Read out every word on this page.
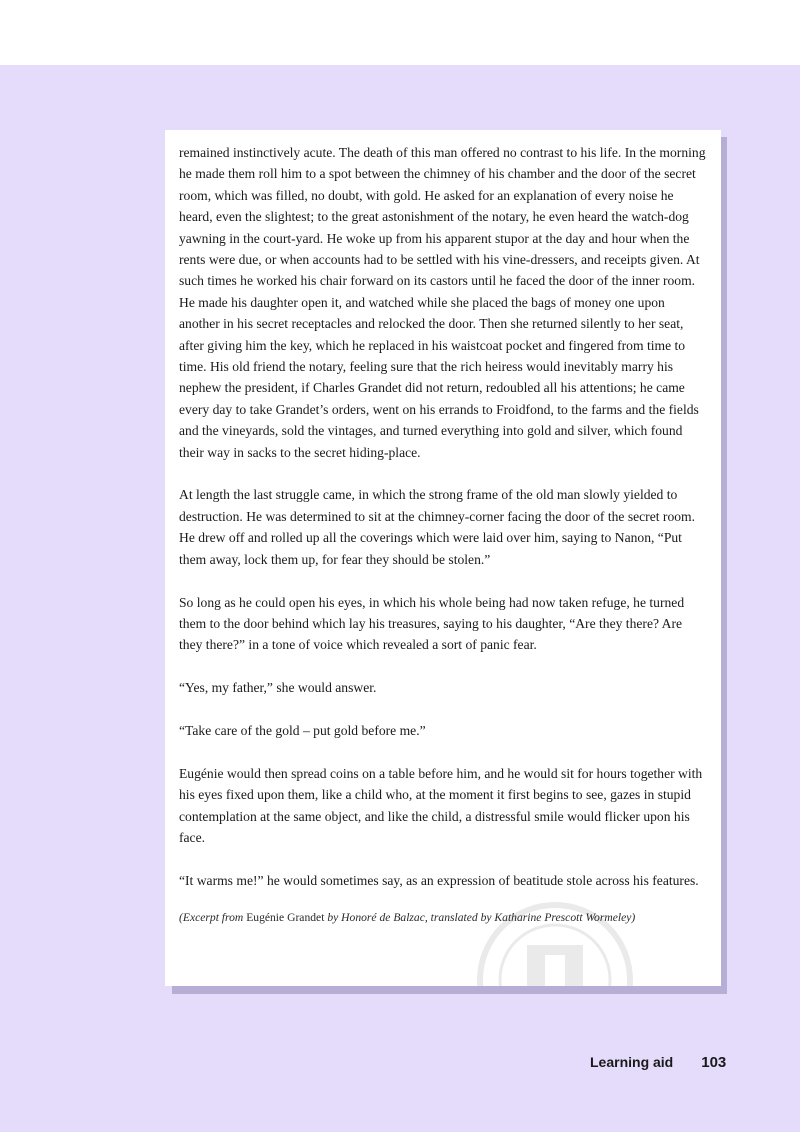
remained instinctively acute. The death of this man offered no contrast to his life. In the morning he made them roll him to a spot between the chimney of his chamber and the door of the secret room, which was filled, no doubt, with gold. He asked for an explanation of every noise he heard, even the slightest; to the great astonishment of the notary, he even heard the watch-dog yawning in the court-yard. He woke up from his apparent stupor at the day and hour when the rents were due, or when accounts had to be settled with his vine-dressers, and receipts given. At such times he worked his chair forward on its castors until he faced the door of the inner room. He made his daughter open it, and watched while she placed the bags of money one upon another in his secret receptacles and relocked the door. Then she returned silently to her seat, after giving him the key, which he replaced in his waistcoat pocket and fingered from time to time. His old friend the notary, feeling sure that the rich heiress would inevitably marry his nephew the president, if Charles Grandet did not return, redoubled all his attentions; he came every day to take Grandet’s orders, went on his errands to Froidfond, to the farms and the fields and the vineyards, sold the vintages, and turned everything into gold and silver, which found their way in sacks to the secret hiding-place.

At length the last struggle came, in which the strong frame of the old man slowly yielded to destruction. He was determined to sit at the chimney-corner facing the door of the secret room. He drew off and rolled up all the coverings which were laid over him, saying to Nanon, “Put them away, lock them up, for fear they should be stolen.”

So long as he could open his eyes, in which his whole being had now taken refuge, he turned them to the door behind which lay his treasures, saying to his daughter, “Are they there? Are they there?” in a tone of voice which revealed a sort of panic fear.

“Yes, my father,” she would answer.

“Take care of the gold – put gold before me.”

Eugénie would then spread coins on a table before him, and he would sit for hours together with his eyes fixed upon them, like a child who, at the moment it first begins to see, gazes in stupid contemplation at the same object, and like the child, a distressful smile would flicker upon his face.

“It warms me!” he would sometimes say, as an expression of beatitude stole across his features.

(Excerpt from Eugénie Grandet by Honoré de Balzac, translated by Katharine Prescott Wormeley)

Learning aid 103
